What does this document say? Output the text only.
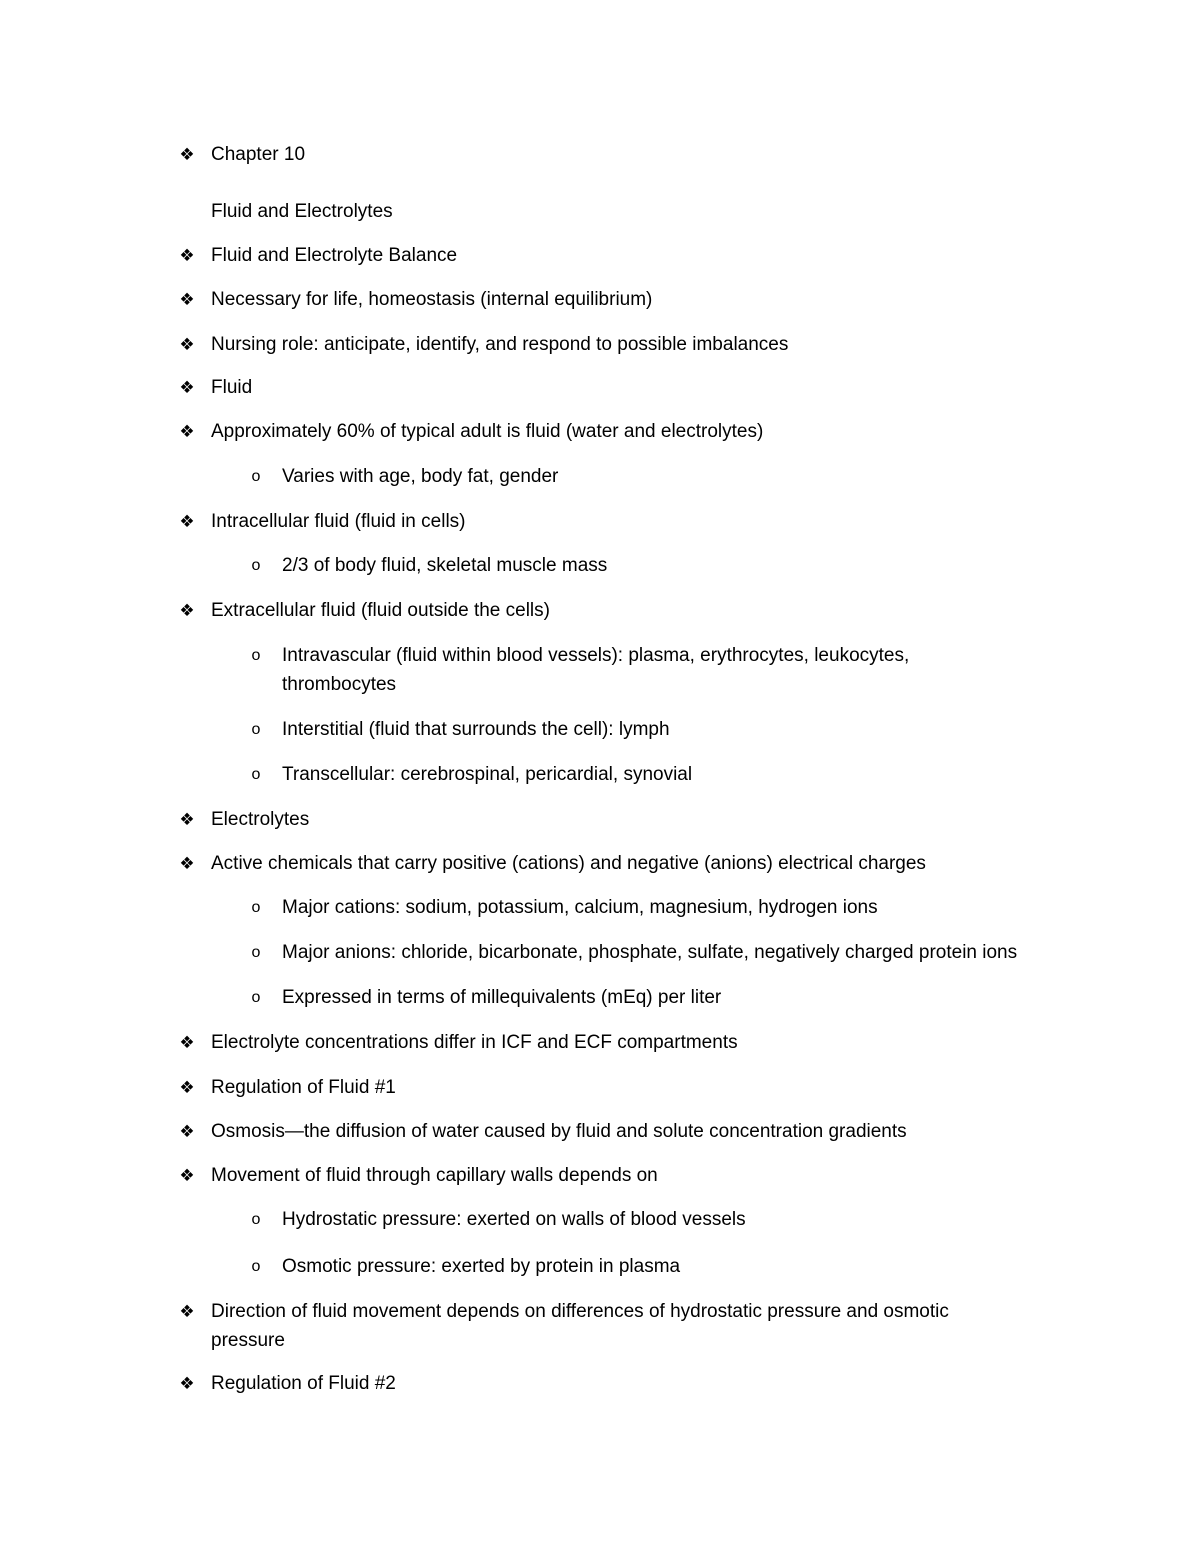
❖ Chapter 10
Fluid and Electrolytes
❖ Fluid and Electrolyte Balance
❖ Necessary for life, homeostasis (internal equilibrium)
❖ Nursing role: anticipate, identify, and respond to possible imbalances
❖ Fluid
❖ Approximately 60% of typical adult is fluid (water and electrolytes)
o Varies with age, body fat, gender
❖ Intracellular fluid (fluid in cells)
o 2/3 of body fluid, skeletal muscle mass
❖ Extracellular fluid (fluid outside the cells)
o Intravascular (fluid within blood vessels): plasma, erythrocytes, leukocytes,
thrombocytes
o Interstitial (fluid that surrounds the cell): lymph
o Transcellular: cerebrospinal, pericardial, synovial
❖ Electrolytes
❖ Active chemicals that carry positive (cations) and negative (anions) electrical charges
o Major cations: sodium, potassium, calcium, magnesium, hydrogen ions
o Major anions: chloride, bicarbonate, phosphate, sulfate, negatively charged protein ions
o Expressed in terms of millequivalents (mEq) per liter
❖ Electrolyte concentrations differ in ICF and ECF compartments
❖ Regulation of Fluid #1
❖ Osmosis—the diffusion of water caused by fluid and solute concentration gradients
❖ Movement of fluid through capillary walls depends on
o Hydrostatic pressure: exerted on walls of blood vessels
o Osmotic pressure: exerted by protein in plasma
❖ Direction of fluid movement depends on differences of hydrostatic pressure and osmotic
pressure
❖ Regulation of Fluid #2
